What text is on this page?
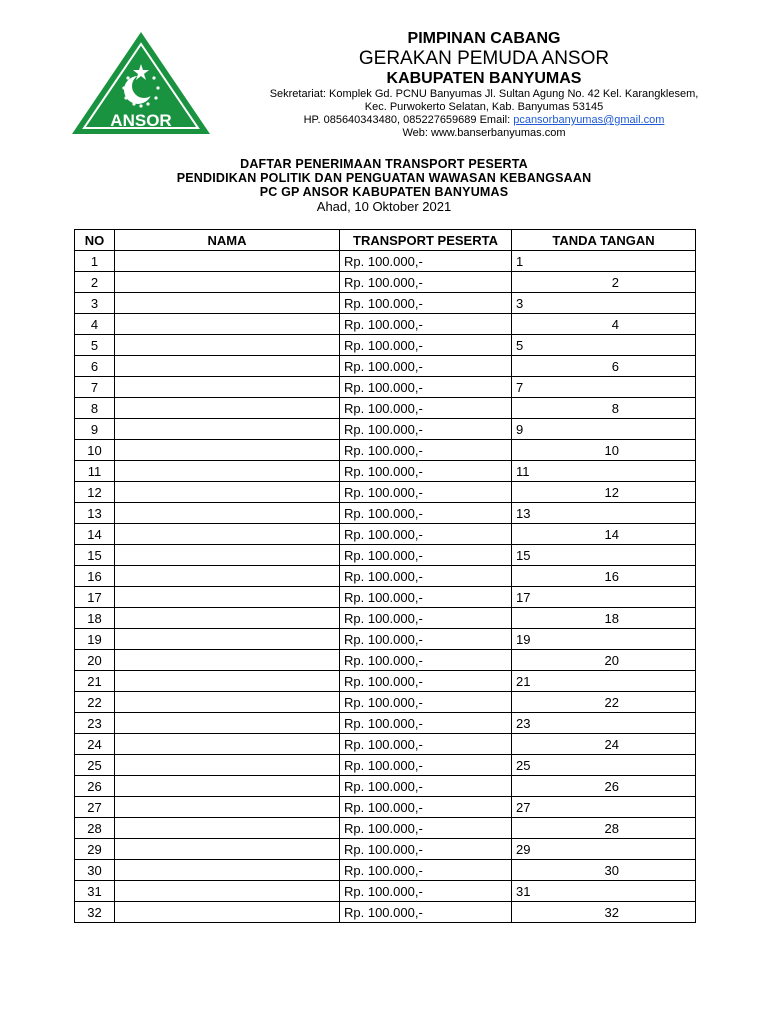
ANSOR
PIMPINAN CABANG
GERAKAN PEMUDA ANSOR
KABUPATEN BANYUMAS
Sekretariat: Komplek Gd. PCNU Banyumas Jl. Sultan Agung No. 42 Kel. Karangklesem,
Kec. Purwokerto Selatan, Kab. Banyumas 53145
HP. 085640343480, 085227659689 Email: pcansorbanyumas@gmail.com
Web: www.banserbanyumas.com
DAFTAR PENERIMAAN TRANSPORT PESERTA
PENDIDIKAN POLITIK DAN PENGUATAN WAWASAN KEBANGSAAN
PC GP ANSOR KABUPATEN BANYUMAS
Ahad, 10 Oktober 2021
NO	NAMA	TRANSPORT PESERTA	TANDA TANGAN
1		Rp. 100.000,-	1
2		Rp. 100.000,-	2
3		Rp. 100.000,-	3
4		Rp. 100.000,-	4
5		Rp. 100.000,-	5
6		Rp. 100.000,-	6
7		Rp. 100.000,-	7
8		Rp. 100.000,-	8
9		Rp. 100.000,-	9
10		Rp. 100.000,-	10
11		Rp. 100.000,-	11
12		Rp. 100.000,-	12
13		Rp. 100.000,-	13
14		Rp. 100.000,-	14
15		Rp. 100.000,-	15
16		Rp. 100.000,-	16
17		Rp. 100.000,-	17
18		Rp. 100.000,-	18
19		Rp. 100.000,-	19
20		Rp. 100.000,-	20
21		Rp. 100.000,-	21
22		Rp. 100.000,-	22
23		Rp. 100.000,-	23
24		Rp. 100.000,-	24
25		Rp. 100.000,-	25
26		Rp. 100.000,-	26
27		Rp. 100.000,-	27
28		Rp. 100.000,-	28
29		Rp. 100.000,-	29
30		Rp. 100.000,-	30
31		Rp. 100.000,-	31
32		Rp. 100.000,-	32
